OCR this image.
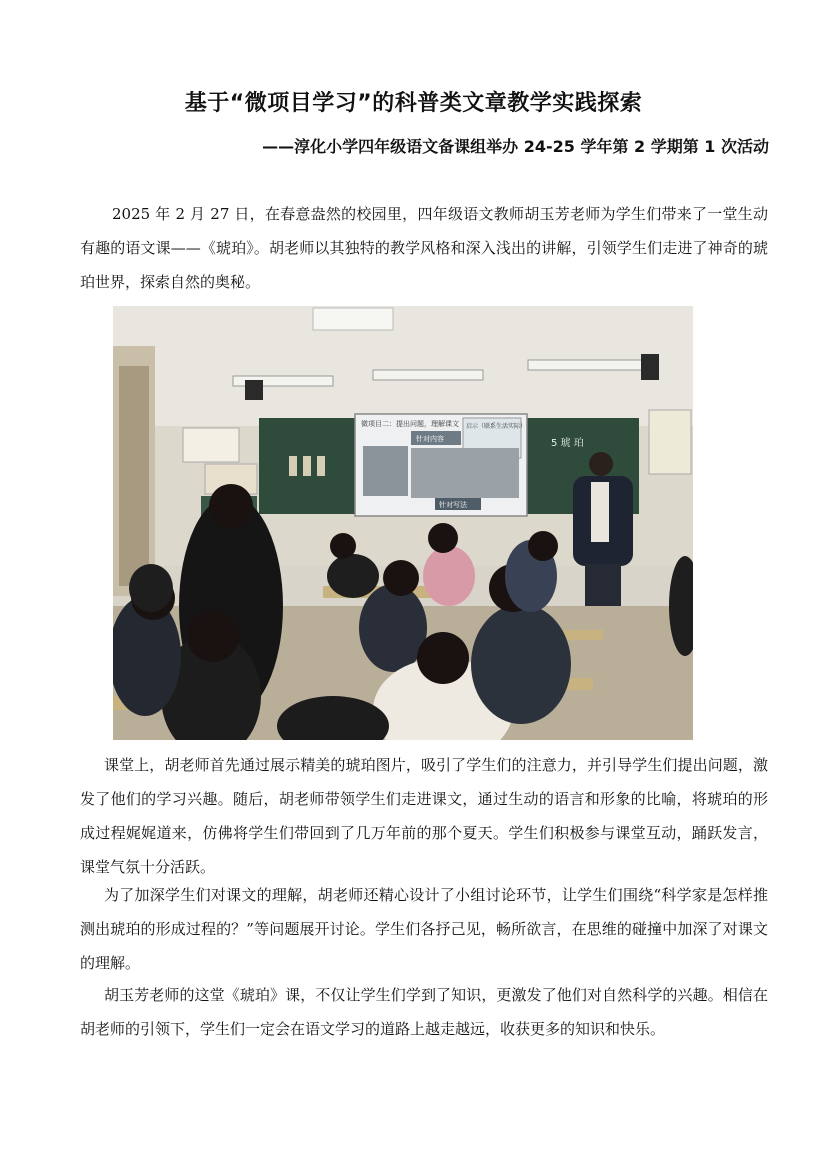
基于“微项目学习”的科普类文章教学实践探索
——淳化小学四年级语文备课组举办 24-25 学年第 2 学期第 1 次活动

2025 年 2 月 27 日，在春意盎然的校园里，四年级语文教师胡玉芳老师为学生们带来了一堂生动有趣的语文课——《琥珀》。胡老师以其独特的教学风格和深入浅出的讲解，引领学生们走进了神奇的琥珀世界，探索自然的奥秘。

微项目二：提出问题，理解课文
针对内容
启示（联系生活实际）
针对写法
5 琥 珀

课堂上，胡老师首先通过展示精美的琥珀图片，吸引了学生们的注意力，并引导学生们提出问题，激发了他们的学习兴趣。随后，胡老师带领学生们走进课文，通过生动的语言和形象的比喻，将琥珀的形成过程娓娓道来，仿佛将学生们带回到了几万年前的那个夏天。学生们积极参与课堂互动，踊跃发言，课堂气氛十分活跃。

为了加深学生们对课文的理解，胡老师还精心设计了小组讨论环节，让学生们围绕“科学家是怎样推测出琥珀的形成过程的？”等问题展开讨论。学生们各抒己见，畅所欲言，在思维的碰撞中加深了对课文的理解。

胡玉芳老师的这堂《琥珀》课，不仅让学生们学到了知识，更激发了他们对自然科学的兴趣。相信在胡老师的引领下，学生们一定会在语文学习的道路上越走越远，收获更多的知识和快乐。
